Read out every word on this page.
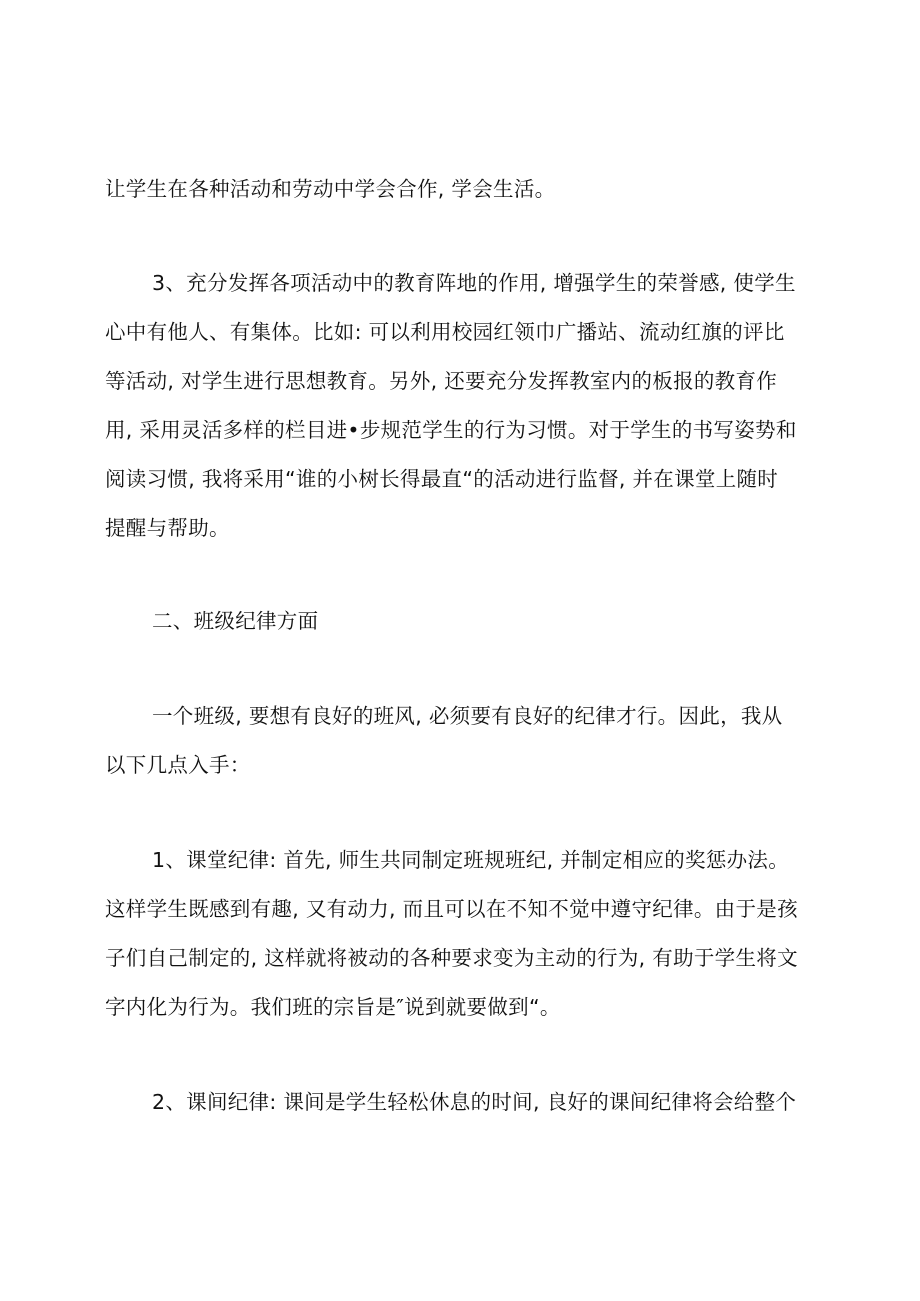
让学生在各种活动和劳动中学会合作, 学会生活。
3、充分发挥各项活动中的教育阵地的作用, 增强学生的荣誉感, 使学生
心中有他人、有集体。比如: 可以利用校园红领巾广播站、流动红旗的评比
等活动, 对学生进行思想教育。另外, 还要充分发挥教室内的板报的教育作
用, 采用灵活多样的栏目进•步规范学生的行为习惯。对于学生的书写姿势和
阅读习惯, 我将采用“谁的小树长得最直“的活动进行监督, 并在课堂上随时
提醒与帮助。
二、班级纪律方面
一个班级, 要想有良好的班风, 必须要有良好的纪律才行。因此，我从
以下几点入手：
1、课堂纪律: 首先, 师生共同制定班规班纪, 并制定相应的奖惩办法。
这样学生既感到有趣, 又有动力, 而且可以在不知不觉中遵守纪律。由于是孩
子们自己制定的, 这样就将被动的各种要求变为主动的行为, 有助于学生将文
字内化为行为。我们班的宗旨是″说到就要做到“。
2、课间纪律: 课间是学生轻松休息的时间, 良好的课间纪律将会给整个
